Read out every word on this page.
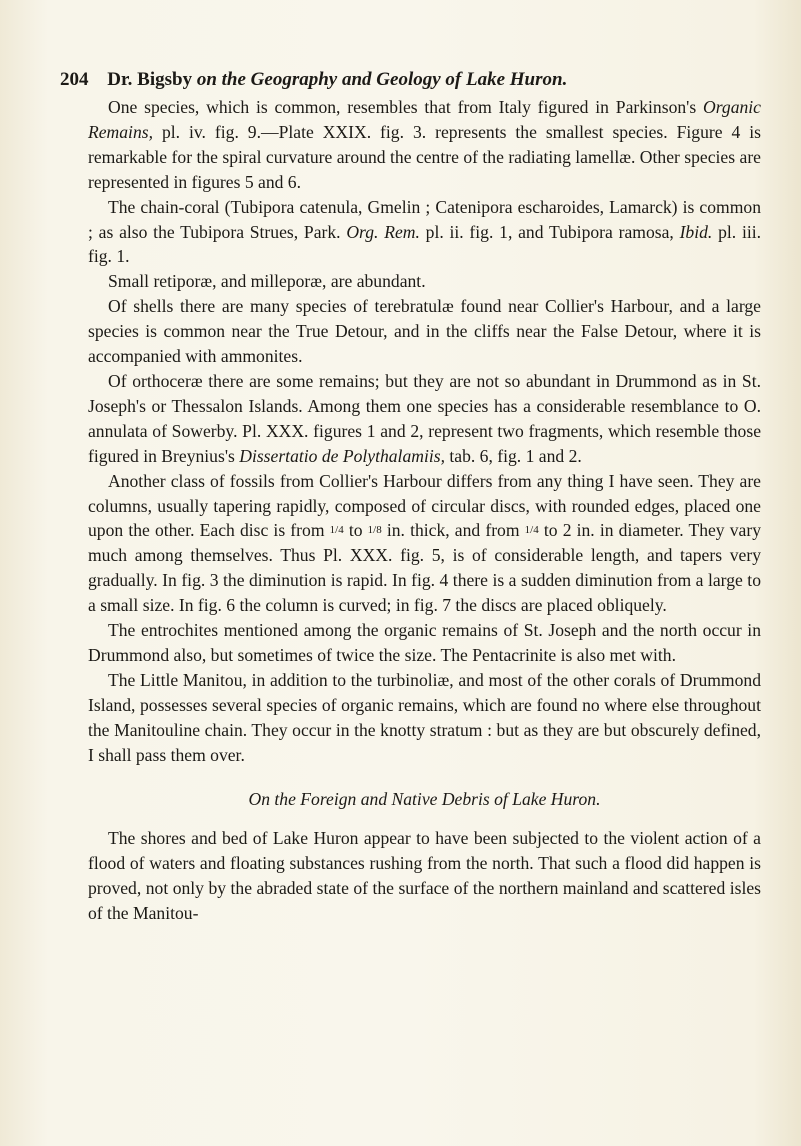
204 Dr. Bigsby on the Geography and Geology of Lake Huron.

One species, which is common, resembles that from Italy figured in Parkinson's Organic Remains, pl. iv. fig. 9.—Plate XXIX. fig. 3. represents the smallest species. Figure 4 is remarkable for the spiral curvature around the centre of the radiating lamellæ. Other species are represented in figures 5 and 6.

The chain-coral (Tubipora catenula, Gmelin ; Catenipora escharoides, Lamarck) is common ; as also the Tubipora Strues, Park. Org. Rem. pl. ii. fig. 1, and Tubipora ramosa, Ibid. pl. iii. fig. 1.

Small retiporæ, and milleporæ, are abundant.

Of shells there are many species of terebratulæ found near Collier's Harbour, and a large species is common near the True Detour, and in the cliffs near the False Detour, where it is accompanied with ammonites.

Of orthoceræ there are some remains; but they are not so abundant in Drummond as in St. Joseph's or Thessalon Islands. Among them one species has a considerable resemblance to O. annulata of Sowerby. Pl. XXX. figures 1 and 2, represent two fragments, which resemble those figured in Breynius's Dissertatio de Polythalamiis, tab. 6, fig. 1 and 2.

Another class of fossils from Collier's Harbour differs from any thing I have seen. They are columns, usually tapering rapidly, composed of circular discs, with rounded edges, placed one upon the other. Each disc is from 1/4 to 1/8 in. thick, and from 1/4 to 2 in. in diameter. They vary much among themselves. Thus Pl. XXX. fig. 5, is of considerable length, and tapers very gradually. In fig. 3 the diminution is rapid. In fig. 4 there is a sudden diminution from a large to a small size. In fig. 6 the column is curved; in fig. 7 the discs are placed obliquely.

The entrochites mentioned among the organic remains of St. Joseph and the north occur in Drummond also, but sometimes of twice the size. The Pentacrinite is also met with.

The Little Manitou, in addition to the turbinoliæ, and most of the other corals of Drummond Island, possesses several species of organic remains, which are found no where else throughout the Manitouline chain. They occur in the knotty stratum : but as they are but obscurely defined, I shall pass them over.

On the Foreign and Native Debris of Lake Huron.

The shores and bed of Lake Huron appear to have been subjected to the violent action of a flood of waters and floating substances rushing from the north. That such a flood did happen is proved, not only by the abraded state of the surface of the northern mainland and scattered isles of the Manitou-
